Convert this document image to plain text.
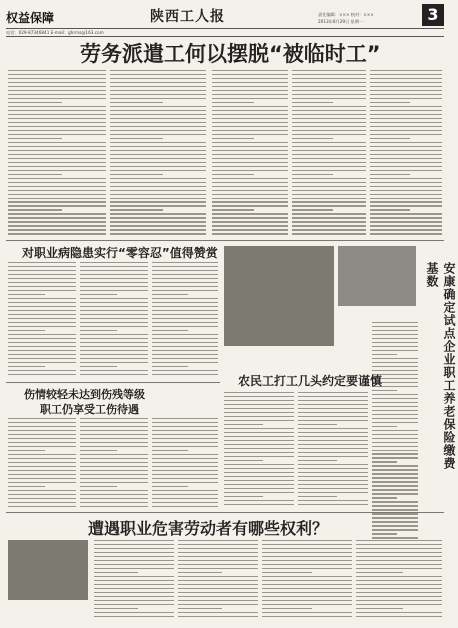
权益保障	陕西工人报	责任编辑：××× 校对：×××
2013年8月29日 星期一	3
电话：029-87346841 E-mail：ghrms@163.com
劳务派遣工何以摆脱“被临时工”
对职业病隐患实行“零容忍”值得赞赏
安康确定试点企业职工养老保险缴费基数
伤情较轻未达到伤残等级
职工仍享受工伤待遇
农民工打工几头约定要谨慎
遭遇职业危害劳动者有哪些权利？
